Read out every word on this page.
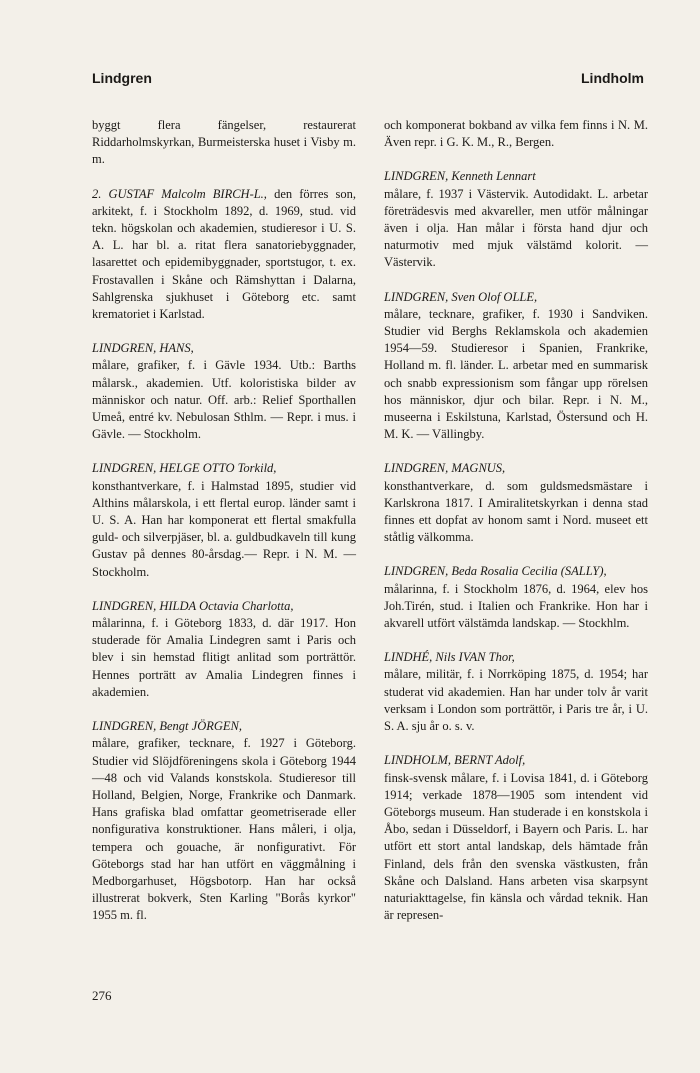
Lindgren	Lindholm

byggt flera fängelser, restaurerat Riddarholmskyrkan, Burmeisterska huset i Visby m. m.

2. GUSTAF Malcolm BIRCH-L., den förres son, arkitekt, f. i Stockholm 1892, d. 1969, stud. vid tekn. högskolan och akademien, studieresor i U. S. A. L. har bl. a. ritat flera sanatoriebyggnader, lasarettet och epidemibyggnader, sportstugor, t. ex. Frostavallen i Skåne och Rämshyttan i Dalarna, Sahlgrenska sjukhuset i Göteborg etc. samt krematoriet i Karlstad.

LINDGREN, HANS,
målare, grafiker, f. i Gävle 1934. Utb.: Barths målarsk., akademien. Utf. koloristiska bilder av människor och natur. Off. arb.: Relief Sporthallen Umeå, entré kv. Nebulosan Sthlm. — Repr. i mus. i Gävle. — Stockholm.

LINDGREN, HELGE OTTO Torkild,
konsthantverkare, f. i Halmstad 1895, studier vid Althins målarskola, i ett flertal europ. länder samt i U. S. A. Han har komponerat ett flertal smakfulla guld- och silverpjäser, bl. a. guldbudkaveln till kung Gustav på dennes 80-årsdag.— Repr. i N. M. — Stockholm.

LINDGREN, HILDA Octavia Charlotta,
målarinna, f. i Göteborg 1833, d. där 1917. Hon studerade för Amalia Lindegren samt i Paris och blev i sin hemstad flitigt anlitad som porträttör. Hennes porträtt av Amalia Lindegren finnes i akademien.

LINDGREN, Bengt JÖRGEN,
målare, grafiker, tecknare, f. 1927 i Göteborg. Studier vid Slöjdföreningens skola i Göteborg 1944—48 och vid Valands konstskola. Studieresor till Holland, Belgien, Norge, Frankrike och Danmark. Hans grafiska blad omfattar geometriserade eller nonfigurativa konstruktioner. Hans måleri, i olja, tempera och gouache, är nonfigurativt. För Göteborgs stad har han utfört en väggmålning i Medborgarhuset, Högsbotorp. Han har också illustrerat bokverk, Sten Karling "Borås kyrkor" 1955 m. fl.

och komponerat bokband av vilka fem finns i N. M. Även repr. i G. K. M., R., Bergen.

LINDGREN, Kenneth Lennart
målare, f. 1937 i Västervik. Autodidakt. L. arbetar företrädesvis med akvareller, men utför målningar även i olja. Han målar i första hand djur och naturmotiv med mjuk välstämd kolorit. — Västervik.

LINDGREN, Sven Olof OLLE,
målare, tecknare, grafiker, f. 1930 i Sandviken. Studier vid Berghs Reklamskola och akademien 1954—59. Studieresor i Spanien, Frankrike, Holland m. fl. länder. L. arbetar med en summarisk och snabb expressionism som fångar upp rörelsen hos människor, djur och bilar. Repr. i N. M., museerna i Eskilstuna, Karlstad, Östersund och H. M. K. — Vällingby.

LINDGREN, MAGNUS,
konsthantverkare, d. som guldsmedsmästare i Karlskrona 1817. I Amiralitetskyrkan i denna stad finnes ett dopfat av honom samt i Nord. museet ett ståtlig välkomma.

LINDGREN, Beda Rosalia Cecilia (SALLY),
målarinna, f. i Stockholm 1876, d. 1964, elev hos Joh.Tirén, stud. i Italien och Frankrike. Hon har i akvarell utfört välstämda landskap. — Stockhlm.

LINDHÉ, Nils IVAN Thor,
målare, militär, f. i Norrköping 1875, d. 1954; har studerat vid akademien. Han har under tolv år varit verksam i London som porträttör, i Paris tre år, i U. S. A. sju år o. s. v.

LINDHOLM, BERNT Adolf,
finsk-svensk målare, f. i Lovisa 1841, d. i Göteborg 1914; verkade 1878—1905 som intendent vid Göteborgs museum. Han studerade i en konstskola i Åbo, sedan i Düsseldorf, i Bayern och Paris. L. har utfört ett stort antal landskap, dels hämtade från Finland, dels från den svenska västkusten, från Skåne och Dalsland. Hans arbeten visa skarpsynt naturiakttagelse, fin känsla och vårdad teknik. Han är represen-

276
